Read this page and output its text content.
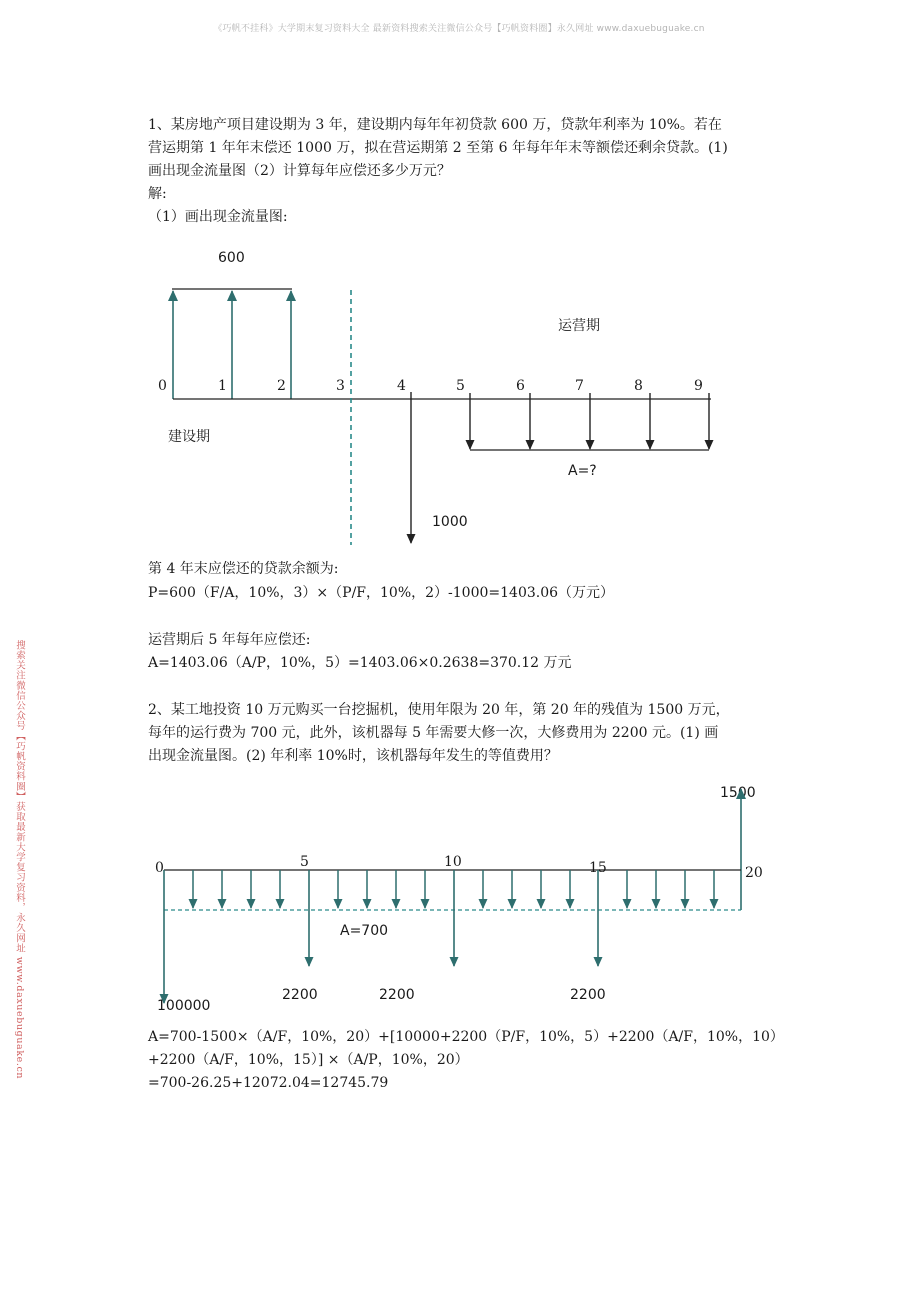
《巧帆不挂科》大学期末复习资料大全 最新资料搜索关注微信公众号【巧帆资料圈】永久网址 www.daxuebuguake.cn
搜索关注微信公众号【巧帆资料圈】获取最新大学复习资料，永久网址 www.daxuebuguake.cn
1、某房地产项目建设期为 3 年，建设期内每年年初贷款 600 万，贷款年利率为 10%。若在
营运期第 1 年年末偿还 1000 万，拟在营运期第 2 至第 6 年每年年末等额偿还剩余贷款。(1)
画出现金流量图（2）计算每年应偿还多少万元？
解:
（1）画出现金流量图:
600
运营期
建设期
0	1	2	3	4	5	6	7	8	9
1000
A=?
1500
0	5	10	15	20
100000
A=700
2200	2200	2200
第 4 年末应偿还的贷款余额为:
P=600（F/A，10%，3）×（P/F，10%，2）-1000=1403.06（万元）
运营期后 5 年每年应偿还:
A=1403.06（A/P，10%，5）=1403.06×0.2638=370.12 万元
2、某工地投资 10 万元购买一台挖掘机，使用年限为 20 年，第 20 年的残值为 1500 万元，
每年的运行费为 700 元，此外，该机器每 5 年需要大修一次，大修费用为 2200 元。(1) 画
出现金流量图。(2) 年利率 10%时，该机器每年发生的等值费用？
A=700-1500×（A/F，10%，20）+[10000+2200（P/F，10%，5）+2200（A/F，10%，10）
+2200（A/F，10%，15）] ×（A/P，10%，20）
=700-26.25+12072.04=12745.79
